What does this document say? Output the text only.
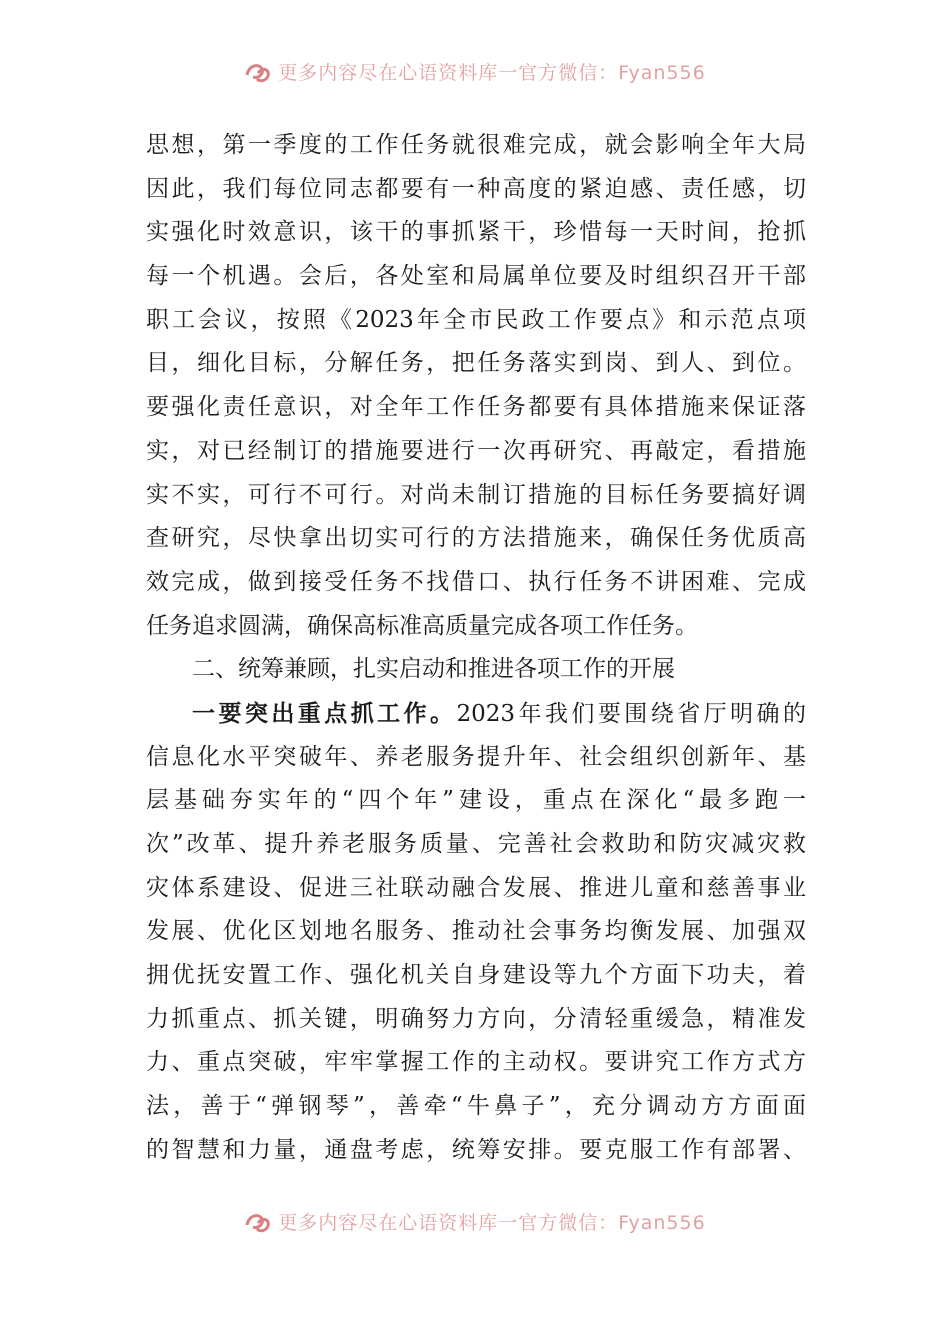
更多内容尽在心语资料库一官方微信：Fyan556
思想，第一季度的工作任务就很难完成，就会影响全年大局
因此，我们每位同志都要有一种高度的紧迫感、责任感，切
实强化时效意识，该干的事抓紧干，珍惜每一天时间，抢抓
每一个机遇。会后，各处室和局属单位要及时组织召开干部
职工会议，按照《2023年全市民政工作要点》和示范点项
目，细化目标，分解任务，把任务落实到岗、到人、到位。
要强化责任意识，对全年工作任务都要有具体措施来保证落
实，对已经制订的措施要进行一次再研究、再敲定，看措施
实不实，可行不可行。对尚未制订措施的目标任务要搞好调
查研究，尽快拿出切实可行的方法措施来，确保任务优质高
效完成，做到接受任务不找借口、执行任务不讲困难、完成
任务追求圆满，确保高标准高质量完成各项工作任务。
二、统筹兼顾，扎实启动和推进各项工作的开展
一要突出重点抓工作。2023年我们要围绕省厅明确的
信息化水平突破年、养老服务提升年、社会组织创新年、基
层基础夯实年的“四个年”建设，重点在深化“最多跑一
次”改革、提升养老服务质量、完善社会救助和防灾减灾救
灾体系建设、促进三社联动融合发展、推进儿童和慈善事业
发展、优化区划地名服务、推动社会事务均衡发展、加强双
拥优抚安置工作、强化机关自身建设等九个方面下功夫，着
力抓重点、抓关键，明确努力方向，分清轻重缓急，精准发
力、重点突破，牢牢掌握工作的主动权。要讲究工作方式方
法，善于“弹钢琴”，善牵“牛鼻子”，充分调动方方面面
的智慧和力量，通盘考虑，统筹安排。要克服工作有部署、
更多内容尽在心语资料库一官方微信：Fyan556
